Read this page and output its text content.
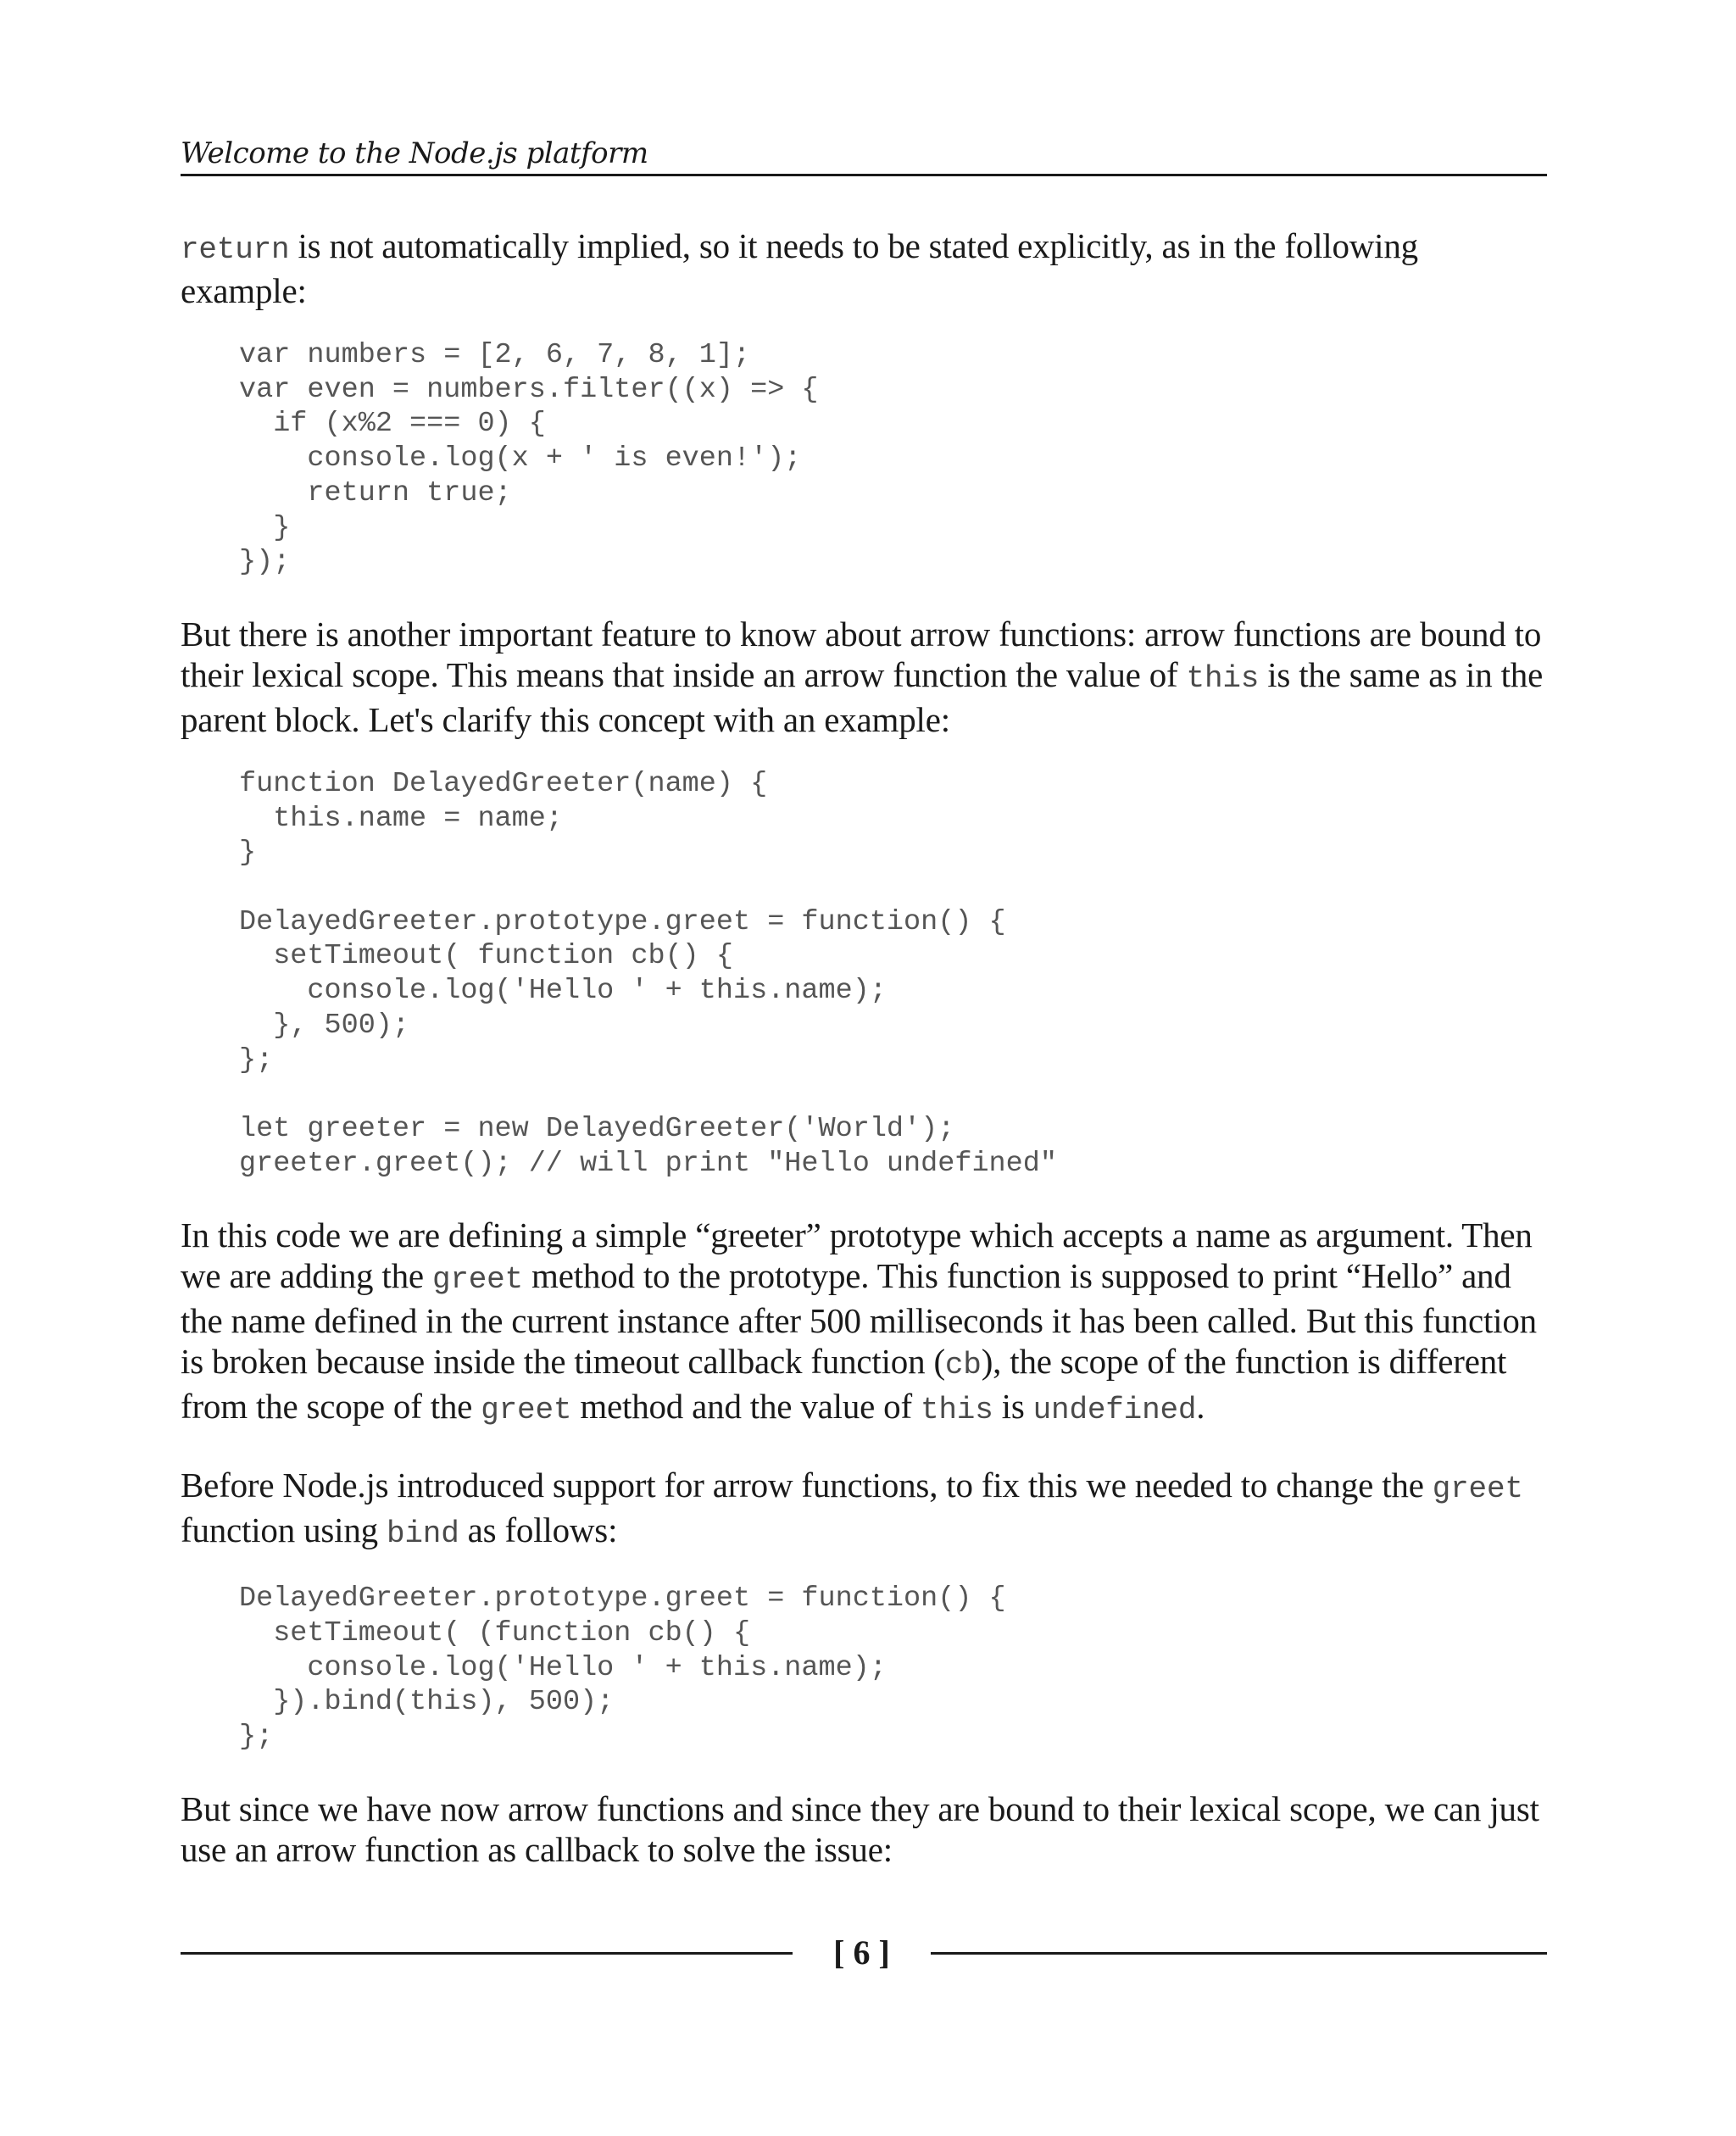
Welcome to the Node.js platform

return is not automatically implied, so it needs to be stated explicitly, as in the following example:

var numbers = [2, 6, 7, 8, 1];
var even = numbers.filter((x) => {
if (x%2 === 0) {
console.log(x + ' is even!');
return true;
}
});

But there is another important feature to know about arrow functions: arrow functions are bound to their lexical scope. This means that inside an arrow function the value of this is the same as in the parent block. Let's clarify this concept with an example:

function DelayedGreeter(name) {
this.name = name;
}

DelayedGreeter.prototype.greet = function() {
setTimeout( function cb() {
console.log('Hello ' + this.name);
}, 500);
};

let greeter = new DelayedGreeter('World');
greeter.greet(); // will print "Hello undefined"

In this code we are defining a simple “greeter” prototype which accepts a name as argument. Then we are adding the greet method to the prototype. This function is supposed to print “Hello” and the name defined in the current instance after 500 milliseconds it has been called. But this function is broken because inside the timeout callback function (cb), the scope of the function is different from the scope of the greet method and the value of this is undefined.

Before Node.js introduced support for arrow functions, to fix this we needed to change the greet function using bind as follows:

DelayedGreeter.prototype.greet = function() {
setTimeout( (function cb() {
console.log('Hello ' + this.name);
}).bind(this), 500);
};

But since we have now arrow functions and since they are bound to their lexical scope, we can just use an arrow function as callback to solve the issue:

[ 6 ]
